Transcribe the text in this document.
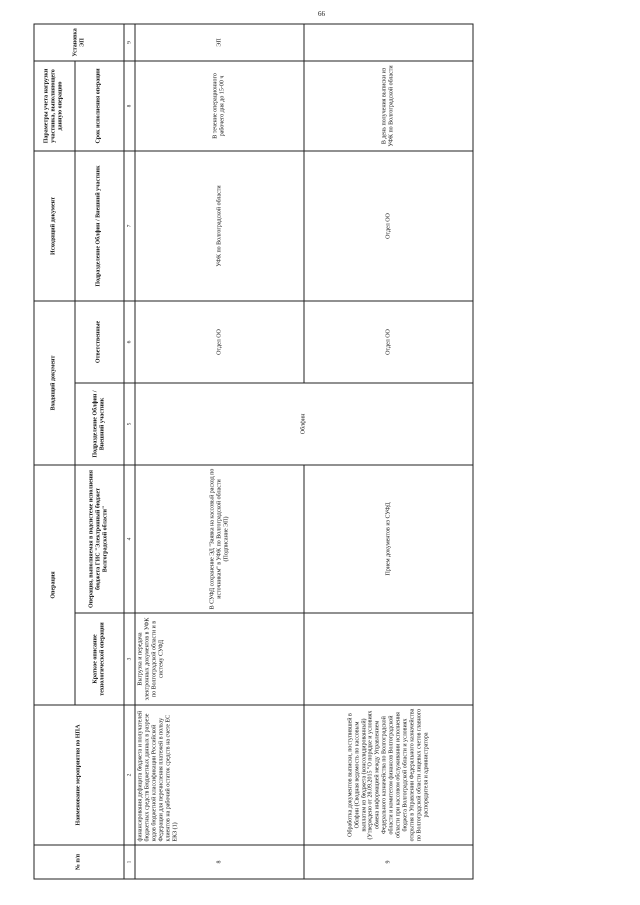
66
№ п/п	Наименование мероприятия по НПА	Операция		Входящий документ		Исходящий документ	Параметры учета нагрузки участника, выполняющего данную операцию	Установка ЭП
		Краткое описание технологической операции	Операция, выполняемая в подсистеме исполнения бюджета ГИС "Электронный бюджет Волгоградской области"	Подразделение Облфин / Внешний участник	Ответственные	Подразделение Облфин / Внешний участник	Срок исполнения операции	
1	2	3	4	5	6	7	8	9
8	финансирования дефицита бюджета и получателей бюджетных средств Бюджетных данных в разрезе кодов бюджетной классификации Российской Федерации для перечисления платежей в пользу клиентов на рабочий остаток средств на счете ЕС ЕКЗ (1)	Выгрузка и передача электронных документов в УФК по Волгоградской области и в систему СУФД	В СУФД сохранение ЭД "Заявка на кассовый расход по источникам" в УФК по Волгоградской области (Подписание ЭП)	Облфин	Отдел ОО	УФК по Волгоградской области	В течение операционного рабочего дня до 15-00 ч	ЭП
9	Обработка документов выписки, поступившей в Облфин (Сводная ведомость по кассовым выплатам из бюджета (консолидированный) (Утверждено от 28.09.2015 "О порядке и условиях обмена информацией между Управлением Федерального казначейства по Волгоградской области и комитетом финансов Волгоградской области при кассовом обслуживании исполнения бюджета Волгоградской области и условиях открытия в Управлении Федерального казначейства по Волгоградской области лицевых счетов главного распорядителя и администратора		Прием документов из СУФД		Отдел ОО	Отдел ОО	В день получения выписки из УФК по Волгоградской области	
